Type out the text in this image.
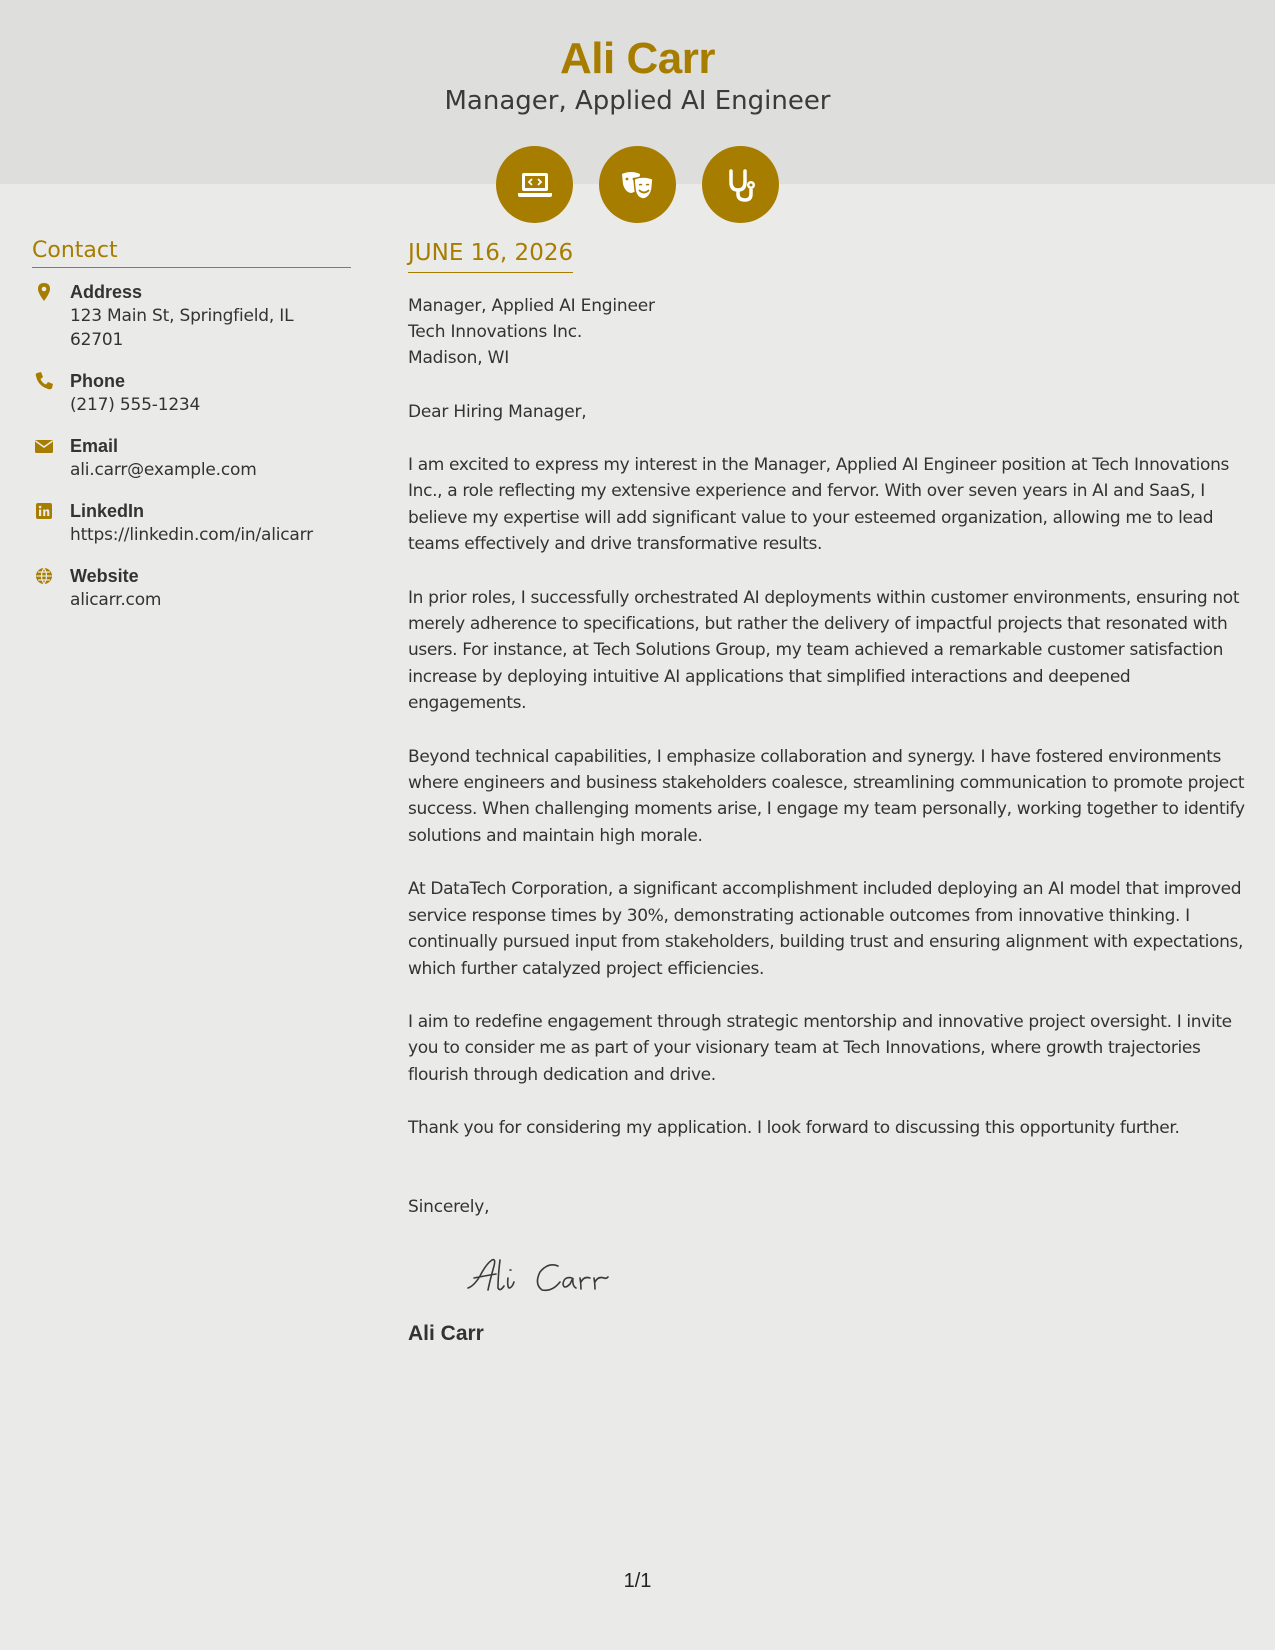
Ali Carr
Manager, Applied AI Engineer
Contact
Address
123 Main St, Springfield, IL 62701
Phone
(217) 555-1234
Email
ali.carr@example.com
LinkedIn
https://linkedin.com/in/alicarr
Website
alicarr.com
JUNE 16, 2026
Manager, Applied AI Engineer
Tech Innovations Inc.
Madison, WI
Dear Hiring Manager,
I am excited to express my interest in the Manager, Applied AI Engineer position at Tech Innovations Inc., a role reflecting my extensive experience and fervor. With over seven years in AI and SaaS, I believe my expertise will add significant value to your esteemed organization, allowing me to lead teams effectively and drive transformative results.
In prior roles, I successfully orchestrated AI deployments within customer environments, ensuring not merely adherence to specifications, but rather the delivery of impactful projects that resonated with users. For instance, at Tech Solutions Group, my team achieved a remarkable customer satisfaction increase by deploying intuitive AI applications that simplified interactions and deepened engagements.
Beyond technical capabilities, I emphasize collaboration and synergy. I have fostered environments where engineers and business stakeholders coalesce, streamlining communication to promote project success. When challenging moments arise, I engage my team personally, working together to identify solutions and maintain high morale.
At DataTech Corporation, a significant accomplishment included deploying an AI model that improved service response times by 30%, demonstrating actionable outcomes from innovative thinking. I continually pursued input from stakeholders, building trust and ensuring alignment with expectations, which further catalyzed project efficiencies.
I aim to redefine engagement through strategic mentorship and innovative project oversight. I invite you to consider me as part of your visionary team at Tech Innovations, where growth trajectories flourish through dedication and drive.
Thank you for considering my application. I look forward to discussing this opportunity further.
Sincerely,
Ali Carr
1/1
